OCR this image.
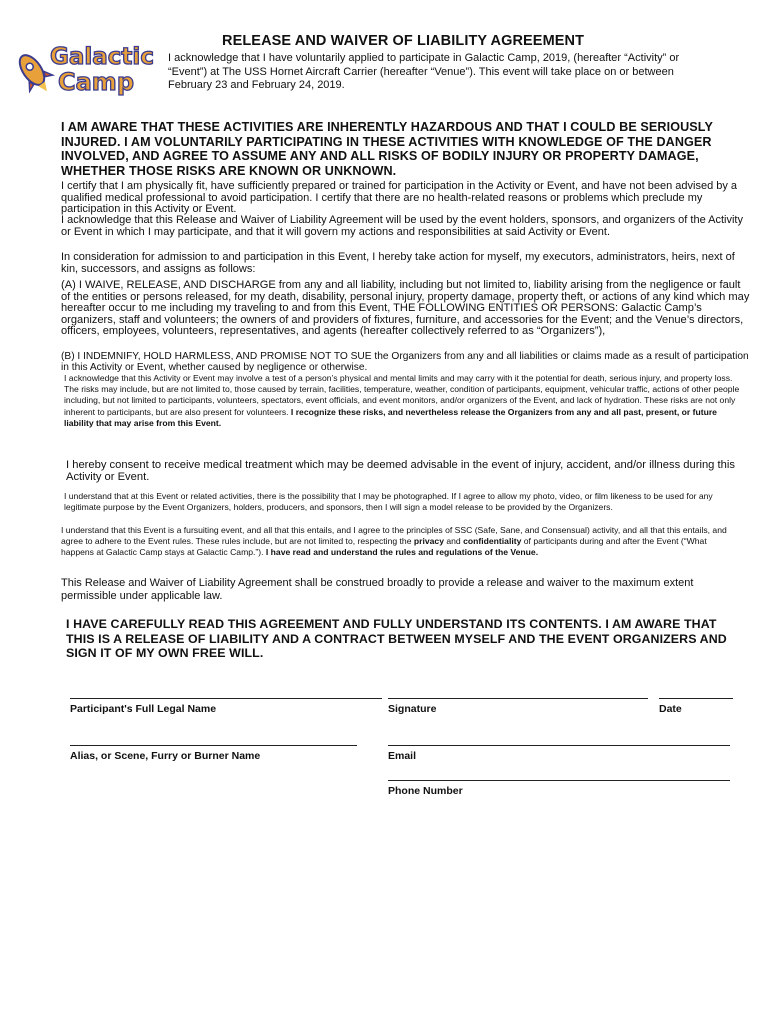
Galactic
Camp
RELEASE AND WAIVER OF LIABILITY AGREEMENT
I acknowledge that I have voluntarily applied to participate in Galactic Camp, 2019, (hereafter “Activity” or “Event”) at The USS Hornet Aircraft Carrier (hereafter “Venue”). This event will take place on or between February 23 and February 24, 2019.
I AM AWARE THAT THESE ACTIVITIES ARE INHERENTLY HAZARDOUS AND THAT I COULD BE SERIOUSLY INJURED. I AM VOLUNTARILY PARTICIPATING IN THESE ACTIVITIES WITH KNOWLEDGE OF THE DANGER INVOLVED, AND AGREE TO ASSUME ANY AND ALL RISKS OF BODILY INJURY OR PROPERTY DAMAGE, WHETHER THOSE RISKS ARE KNOWN OR UNKNOWN.
I certify that I am physically fit, have sufficiently prepared or trained for participation in the Activity or Event, and have not been advised by a qualified medical professional to avoid participation. I certify that there are no health-related reasons or problems which preclude my participation in this Activity or Event.
I acknowledge that this Release and Waiver of Liability Agreement will be used by the event holders, sponsors, and organizers of the Activity or Event in which I may participate, and that it will govern my actions and responsibilities at said Activity or Event.
In consideration for admission to and participation in this Event, I hereby take action for myself, my executors, administrators, heirs, next of kin, successors, and assigns as follows:
(A) I WAIVE, RELEASE, AND DISCHARGE from any and all liability, including but not limited to, liability arising from the negligence or fault of the entities or persons released, for my death, disability, personal injury, property damage, property theft, or actions of any kind which may hereafter occur to me including my traveling to and from this Event, THE FOLLOWING ENTITIES OR PERSONS: Galactic Camp’s organizers, staff and volunteers; the owners of and providers of fixtures, furniture, and accessories for the Event; and the Venue’s directors, officers, employees, volunteers, representatives, and agents (hereafter collectively referred to as “Organizers”),
(B) I INDEMNIFY, HOLD HARMLESS, AND PROMISE NOT TO SUE the Organizers from any and all liabilities or claims made as a result of participation in this Activity or Event, whether caused by negligence or otherwise.
I acknowledge that this Activity or Event may involve a test of a person’s physical and mental limits and may carry with it the potential for death, serious injury, and property loss. The risks may include, but are not limited to, those caused by terrain, facilities, temperature, weather, condition of participants, equipment, vehicular traffic, actions of other people including, but not limited to participants, volunteers, spectators, event officials, and event monitors, and/or organizers of the Event, and lack of hydration. These risks are not only inherent to participants, but are also present for volunteers. I recognize these risks, and nevertheless release the Organizers from any and all past, present, or future liability that may arise from this Event.
I hereby consent to receive medical treatment which may be deemed advisable in the event of injury, accident, and/or illness during this Activity or Event.
I understand that at this Event or related activities, there is the possibility that I may be photographed. If I agree to allow my photo, video, or film likeness to be used for any legitimate purpose by the Event Organizers, holders, producers, and sponsors, then I will sign a model release to be provided by the Organizers.
I understand that this Event is a fursuiting event, and all that this entails, and I agree to the principles of SSC (Safe, Sane, and Consensual) activity, and all that this entails, and agree to adhere to the Event rules. These rules include, but are not limited to, respecting the privacy and confidentiality of participants during and after the Event (“What happens at Galactic Camp stays at Galactic Camp.”). I have read and understand the rules and regulations of the Venue.
This Release and Waiver of Liability Agreement shall be construed broadly to provide a release and waiver to the maximum extent permissible under applicable law.
I HAVE CAREFULLY READ THIS AGREEMENT AND FULLY UNDERSTAND ITS CONTENTS. I AM AWARE THAT THIS IS A RELEASE OF LIABILITY AND A CONTRACT BETWEEN MYSELF AND THE EVENT ORGANIZERS AND SIGN IT OF MY OWN FREE WILL.
Participant's Full Legal Name	Signature	Date
Alias, or Scene, Furry or Burner Name	Email
Phone Number
